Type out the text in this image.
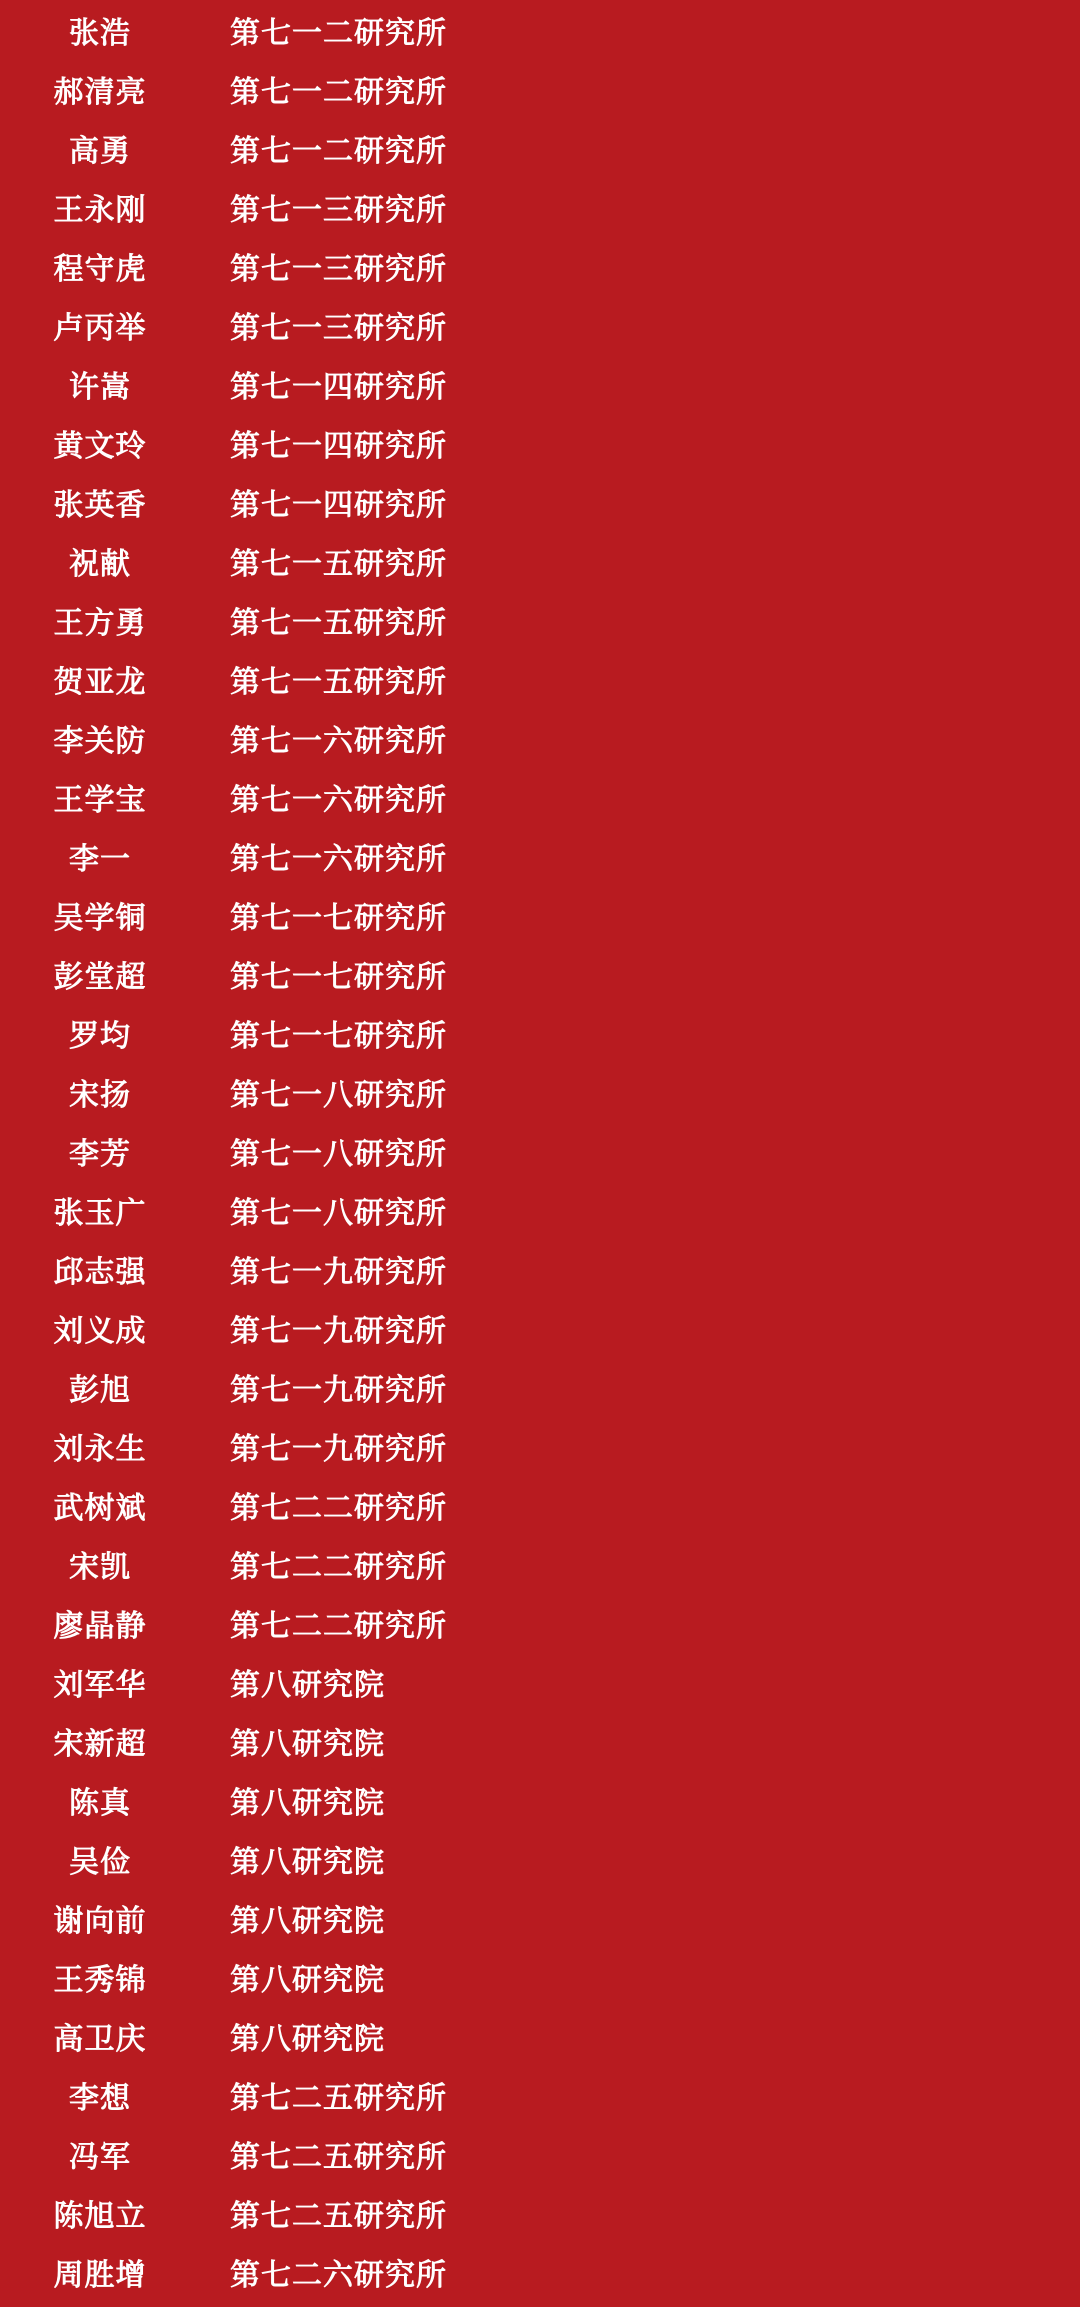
张浩	第七一二研究所
郝清亮	第七一二研究所
高勇	第七一二研究所
王永刚	第七一三研究所
程守虎	第七一三研究所
卢丙举	第七一三研究所
许嵩	第七一四研究所
黄文玲	第七一四研究所
张英香	第七一四研究所
祝献	第七一五研究所
王方勇	第七一五研究所
贺亚龙	第七一五研究所
李关防	第七一六研究所
王学宝	第七一六研究所
李一	第七一六研究所
吴学铜	第七一七研究所
彭堂超	第七一七研究所
罗均	第七一七研究所
宋扬	第七一八研究所
李芳	第七一八研究所
张玉广	第七一八研究所
邱志强	第七一九研究所
刘义成	第七一九研究所
彭旭	第七一九研究所
刘永生	第七一九研究所
武树斌	第七二二研究所
宋凯	第七二二研究所
廖晶静	第七二二研究所
刘军华	第八研究院
宋新超	第八研究院
陈真	第八研究院
吴俭	第八研究院
谢向前	第八研究院
王秀锦	第八研究院
高卫庆	第八研究院
李想	第七二五研究所
冯军	第七二五研究所
陈旭立	第七二五研究所
周胜增	第七二六研究所
